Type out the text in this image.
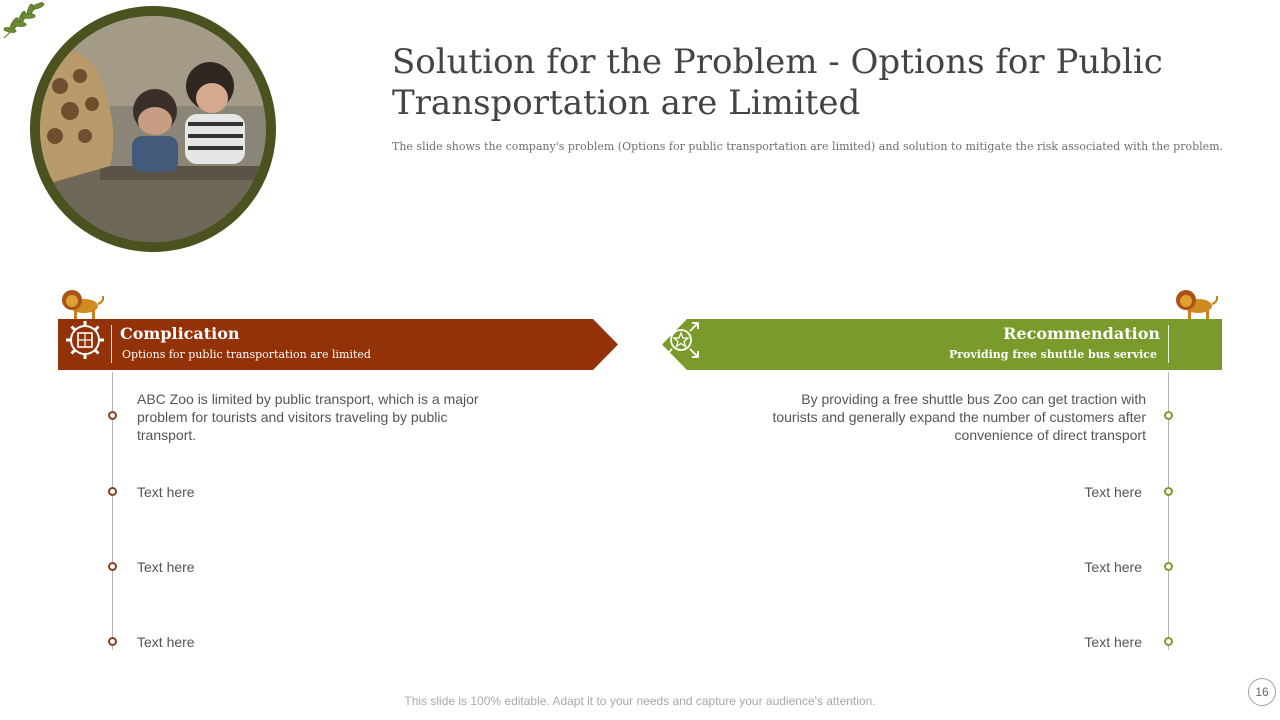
Solution for the Problem - Options for Public Transportation are Limited
The slide shows the company's problem (Options for public transportation are limited) and solution to mitigate the risk associated with the problem.
Complication
Options for public transportation are limited
Recommendation
Providing free shuttle bus service
ABC Zoo is limited by public transport, which is a major problem for tourists and visitors traveling by public transport.
Text here
Text here
Text here
By providing a free shuttle bus Zoo can get traction with tourists and generally expand the number of customers after convenience of direct transport
Text here
Text here
Text here
This slide is 100% editable. Adapt it to your needs and capture your audience's attention.
16
